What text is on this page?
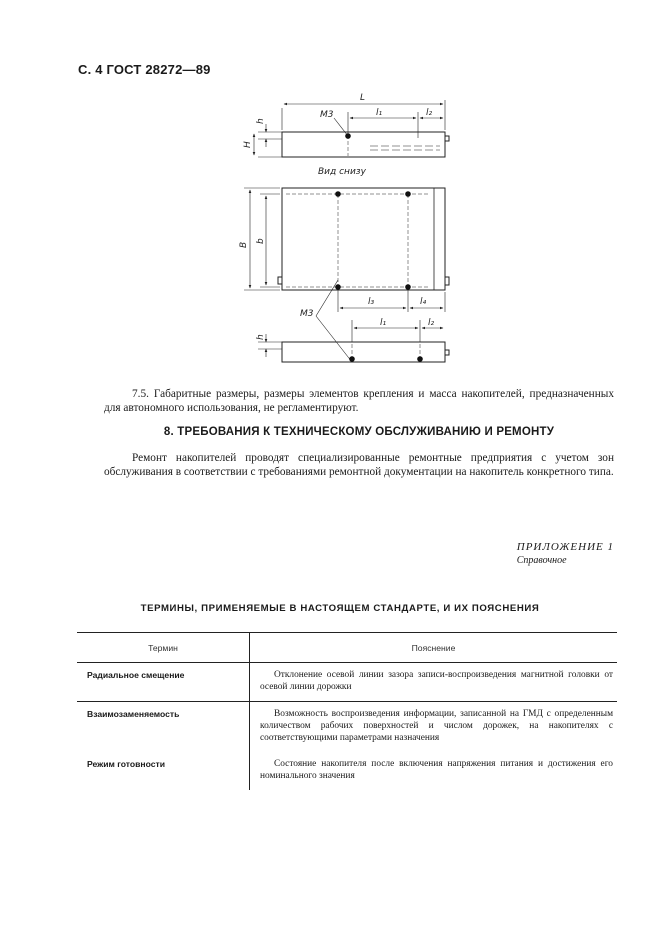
С. 4 ГОСТ 28272—89
L
l₁	l₂
М3
h
H
Вид снизу
B
b
l₃	l₄
М3
l₁	l₂
h
7.5. Габаритные размеры, размеры элементов крепления и масса накопителей, предназначенных для автономного использования, не регламентируют.
8. ТРЕБОВАНИЯ К ТЕХНИЧЕСКОМУ ОБСЛУЖИВАНИЮ И РЕМОНТУ
Ремонт накопителей проводят специализированные ремонтные предприятия с учетом зон обслуживания в соответствии с требованиями ремонтной документации на накопитель конкретного типа.
ПРИЛОЖЕНИЕ 1
Справочное
ТЕРМИНЫ, ПРИМЕНЯЕМЫЕ В НАСТОЯЩЕМ СТАНДАРТЕ, И ИХ ПОЯСНЕНИЯ
Термин	Пояснение
Радиальное смещение	Отклонение осевой линии зазора записи-воспроизведения магнитной головки от осевой линии дорожки
Взаимозаменяемость	Возможность воспроизведения информации, записанной на ГМД с определенным количеством рабочих поверхностей и числом дорожек, на накопителях с соответствующими параметрами назначения
Режим готовности	Состояние накопителя после включения напряжения питания и достижения его номинального значения
